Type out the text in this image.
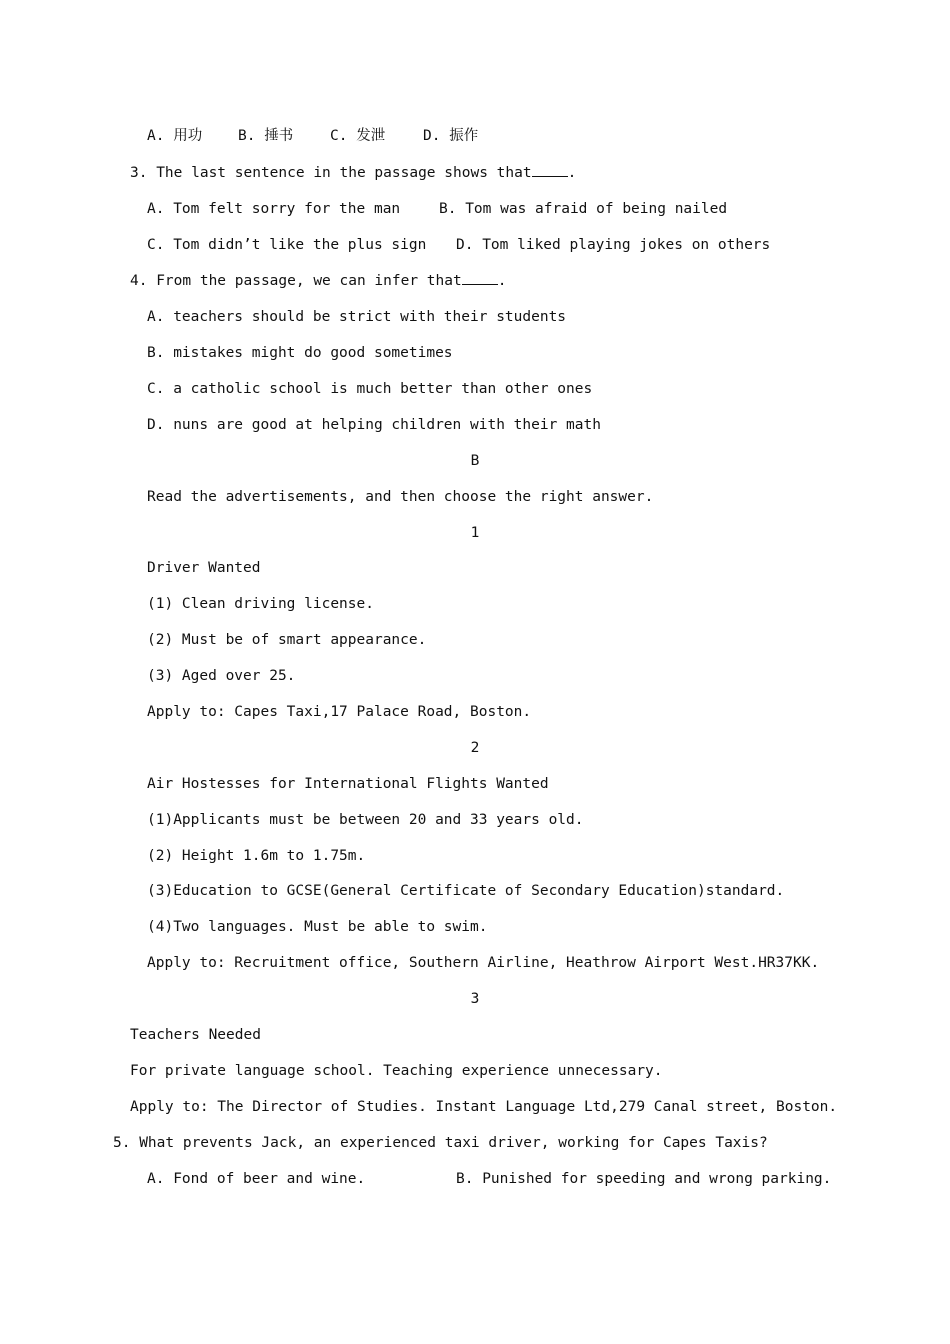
A. 用功 B. 捶书	C. 发泄	D. 振作
3. The last sentence in the passage shows that .
A. Tom felt sorry for the man	B. Tom was afraid of being nailed
C. Tom didn’t like the plus sign D. Tom liked playing jokes on others
4. From the passage, we can infer that .
A. teachers should be strict with their students
B. mistakes might do good sometimes
C. a catholic school is much better than other ones
D. nuns are good at helping children with their math
B
Read the advertisements, and then choose the right answer.
1
Driver Wanted
(1) Clean driving license.
(2) Must be of smart appearance.
(3) Aged over 25.
Apply to: Capes Taxi,17 Palace Road, Boston.
2
Air Hostesses for International Flights Wanted
(1)Applicants must be between 20 and 33 years old.
(2) Height 1.6m to 1.75m.
(3)Education to GCSE(General Certificate of Secondary Education)standard.
(4)Two languages. Must be able to swim.
Apply to: Recruitment office, Southern Airline, Heathrow Airport West.HR37KK.
3
Teachers Needed
For private language school. Teaching experience unnecessary.
Apply to: The Director of Studies. Instant Language Ltd,279 Canal street, Boston.
5. What prevents Jack, an experienced taxi driver, working for Capes Taxis?
A. Fond of beer and wine.	B. Punished for speeding and wrong parking.
